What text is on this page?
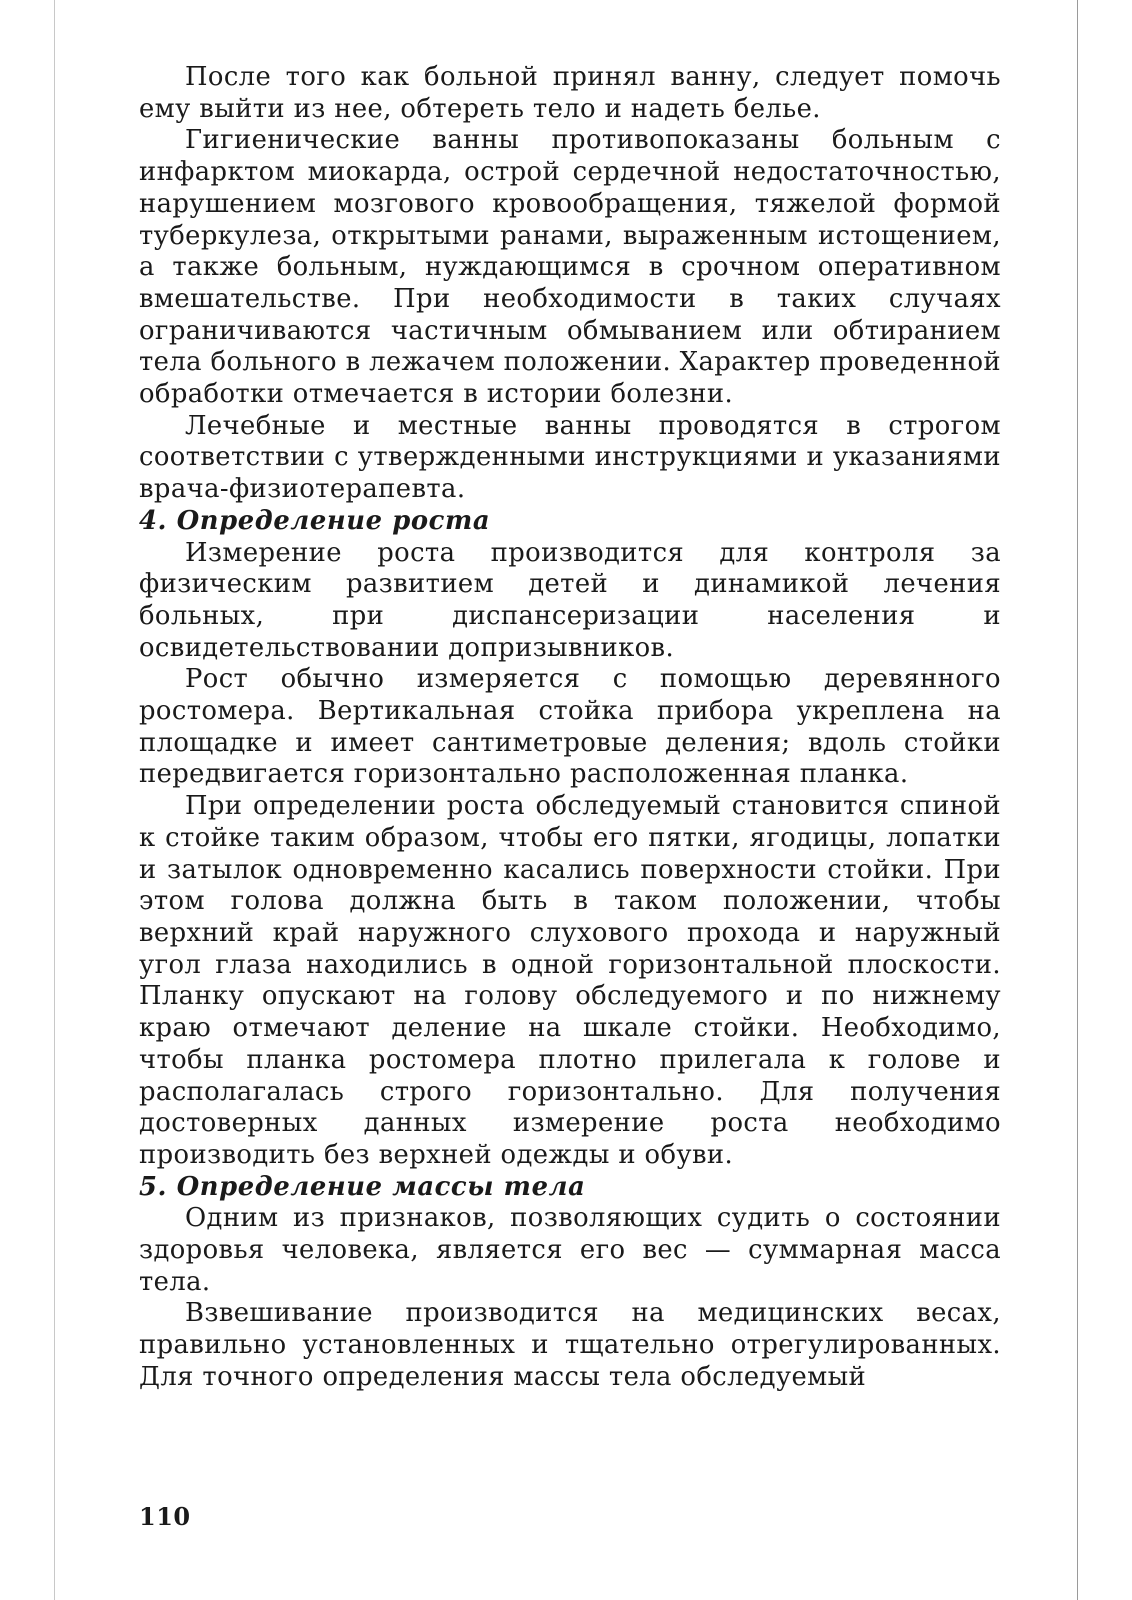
После того как больной принял ванну, следует помочь ему выйти из нее, обтереть тело и надеть белье.

Гигиенические ванны противопоказаны больным с инфарктом миокарда, острой сердечной недостаточностью, нарушением мозгового кровообращения, тяжелой формой туберкулеза, открытыми ранами, выраженным истощением, а также больным, нуждающимся в срочном оперативном вмешательстве. При необходимости в таких случаях ограничиваются частичным обмыванием или обтиранием тела больного в лежачем положении. Характер проведенной обработки отмечается в истории болезни.

Лечебные и местные ванны проводятся в строгом соответствии с утвержденными инструкциями и указаниями врача-физиотерапевта.

4. Определение роста

Измерение роста производится для контроля за физическим развитием детей и динамикой лечения больных, при диспансеризации населения и освидетельствовании допризывников.

Рост обычно измеряется с помощью деревянного ростомера. Вертикальная стойка прибора укреплена на площадке и имеет сантиметровые деления; вдоль стойки передвигается горизонтально расположенная планка.

При определении роста обследуемый становится спиной к стойке таким образом, чтобы его пятки, ягодицы, лопатки и затылок одновременно касались поверхности стойки. При этом голова должна быть в таком положении, чтобы верхний край наружного слухового прохода и наружный угол глаза находились в одной горизонтальной плоскости. Планку опускают на голову обследуемого и по нижнему краю отмечают деление на шкале стойки. Необходимо, чтобы планка ростомера плотно прилегала к голове и располагалась строго горизонтально. Для получения достоверных данных измерение роста необходимо производить без верхней одежды и обуви.

5. Определение массы тела

Одним из признаков, позволяющих судить о состоянии здоровья человека, является его вес — суммарная масса тела.

Взвешивание производится на медицинских весах, правильно установленных и тщательно отрегулированных. Для точного определения массы тела обследуемый

110
